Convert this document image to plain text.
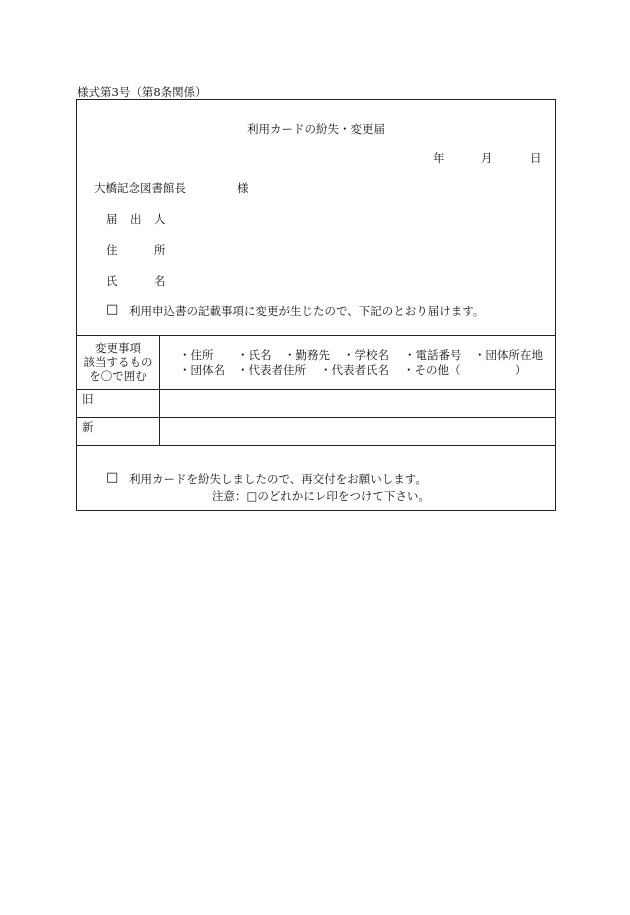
様式第3号（第8条関係）
利用カードの紛失・変更届
年	月	日
大橋記念図書館長	様
届 出 人
住	所
氏	名
□ 利用申込書の記載事項に変更が生じたので、下記のとおり届けます。
変更事項
該当するもの
を〇で囲む
・住所 ・氏名 ・勤務先 ・学校名 ・電話番号 ・団体所在地
・団体名 ・代表者住所 ・代表者氏名 ・その他（	）
旧
新
□ 利用カードを紛失しましたので、再交付をお願いします。
注意：□のどれかにレ印をつけて下さい。
